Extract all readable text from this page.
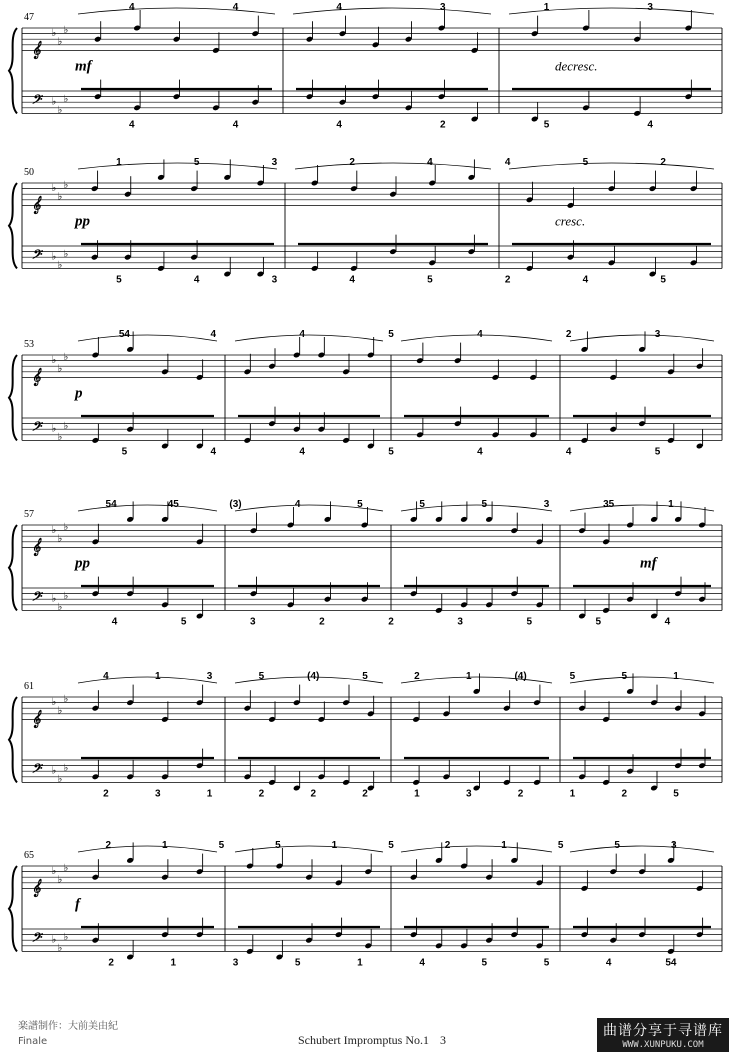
47
𝄞
𝄢
♭
♭
♭
♭
♭
♭
4	4	4	3	1	3
4	4	4	2	5	4
mf	decresc.
50
𝄞
𝄢
♭
♭
♭
♭
♭
♭
1	5	3	2	4	4	5	2
5	4	3	4	5	2	4	5
pp	cresc.
53
𝄞
𝄢
♭
♭
♭
♭
♭
♭
54	4	4	5	4	2	3
5	4	4	5	4	4	5
p
57
𝄞
𝄢
♭
♭
♭
♭
♭
♭
54	45	(3)	4	5	5	5	3	35	1
4	5	3	2	2	3	5	5	4
pp	mf
61
𝄞
𝄢
♭
♭
♭
♭
♭
♭
4	1	3	5	(4)	5	2	1	(4)	5	5	1
2	3	1	2	2	2	1	3	2	1	2	5
65
𝄞
𝄢
♭
♭
♭
♭
♭
♭
2	1	5	5	1	5	2	1	5	5	3
2	1	3	5	1	4	5	5	4	54
f
楽譜制作：大前美由紀
Finale	Schubert Impromptus No.1 3
曲谱分享于寻谱库
WWW.XUNPUKU.COM
